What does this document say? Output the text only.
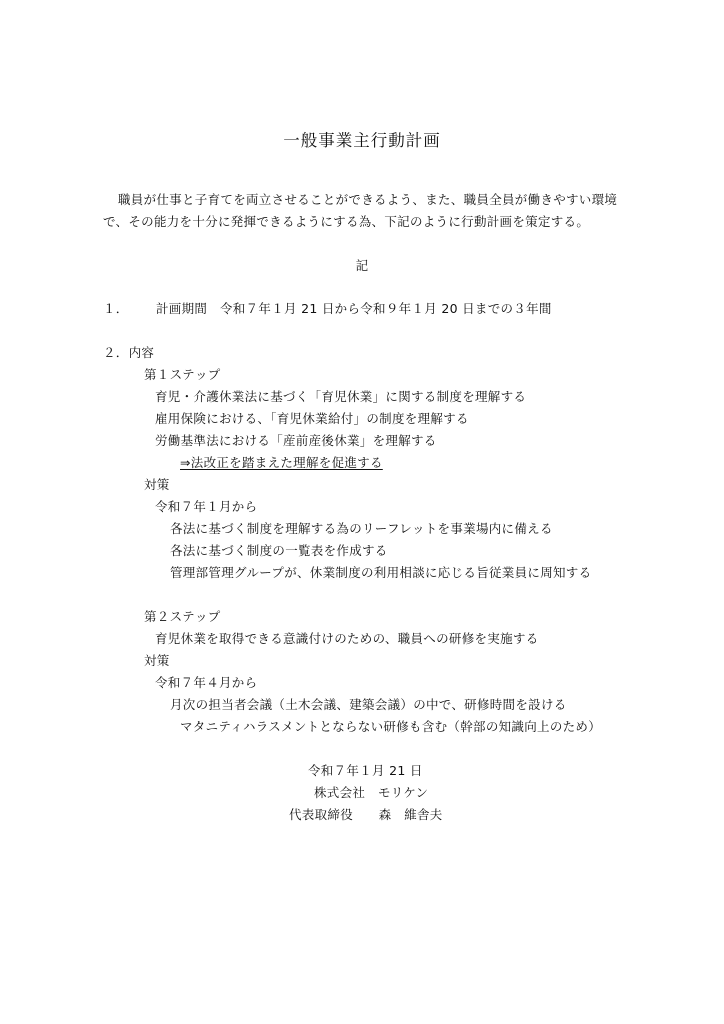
一般事業主行動計画
職員が仕事と子育てを両立させることができるよう、また、職員全員が働きやすい環境
で、その能力を十分に発揮できるようにする為、下記のように行動計画を策定する。
記
１． 計画期間　令和７年１月 21 日から令和９年１月 20 日までの３年間
２．内容
第１ステップ
育児・介護休業法に基づく「育児休業」に関する制度を理解する
雇用保険における、「育児休業給付」の制度を理解する
労働基準法における「産前産後休業」を理解する
⇒法改正を踏まえた理解を促進する
対策
令和７年１月から
各法に基づく制度を理解する為のリーフレットを事業場内に備える
各法に基づく制度の一覧表を作成する
管理部管理グループが、休業制度の利用相談に応じる旨従業員に周知する
第２ステップ
育児休業を取得できる意識付けのための、職員への研修を実施する
対策
令和７年４月から
月次の担当者会議（土木会議、建築会議）の中で、研修時間を設ける
マタニティハラスメントとならない研修も含む（幹部の知識向上のため）
令和７年１月 21 日
株式会社　モリケン
代表取締役　　森　維舎夫
